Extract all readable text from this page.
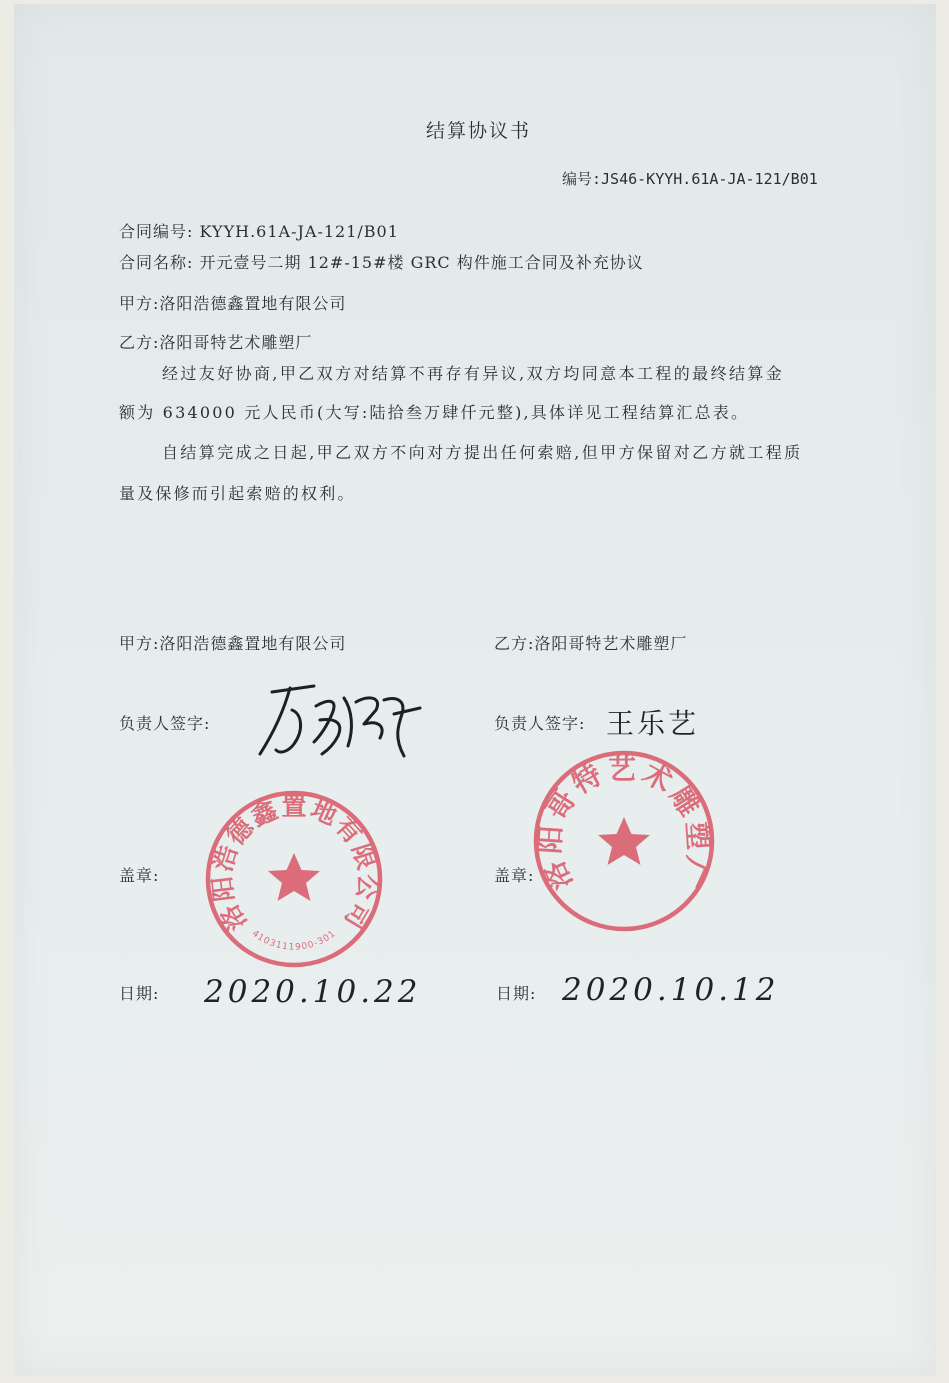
结算协议书
编号:JS46-KYYH.61A-JA-121/B01
合同编号: KYYH.61A-JA-121/B01
合同名称: 开元壹号二期 12#-15#楼 GRC 构件施工合同及补充协议
甲方:洛阳浩德鑫置地有限公司
乙方:洛阳哥特艺术雕塑厂
经过友好协商,甲乙双方对结算不再存有异议,双方均同意本工程的最终结算金
额为 634000 元人民币(大写:陆拾叁万肆仟元整),具体详见工程结算汇总表。
自结算完成之日起,甲乙双方不向对方提出任何索赔,但甲方保留对乙方就工程质
量及保修而引起索赔的权利。
甲方:洛阳浩德鑫置地有限公司
负责人签字:
盖章:
日期: 2020.10.22
洛阳浩德鑫置地有限公司
4103111900-301
乙方:洛阳哥特艺术雕塑厂
负责人签字: 王乐艺
盖章:
日期: 2020.10.12
洛阳哥特艺术雕塑厂
